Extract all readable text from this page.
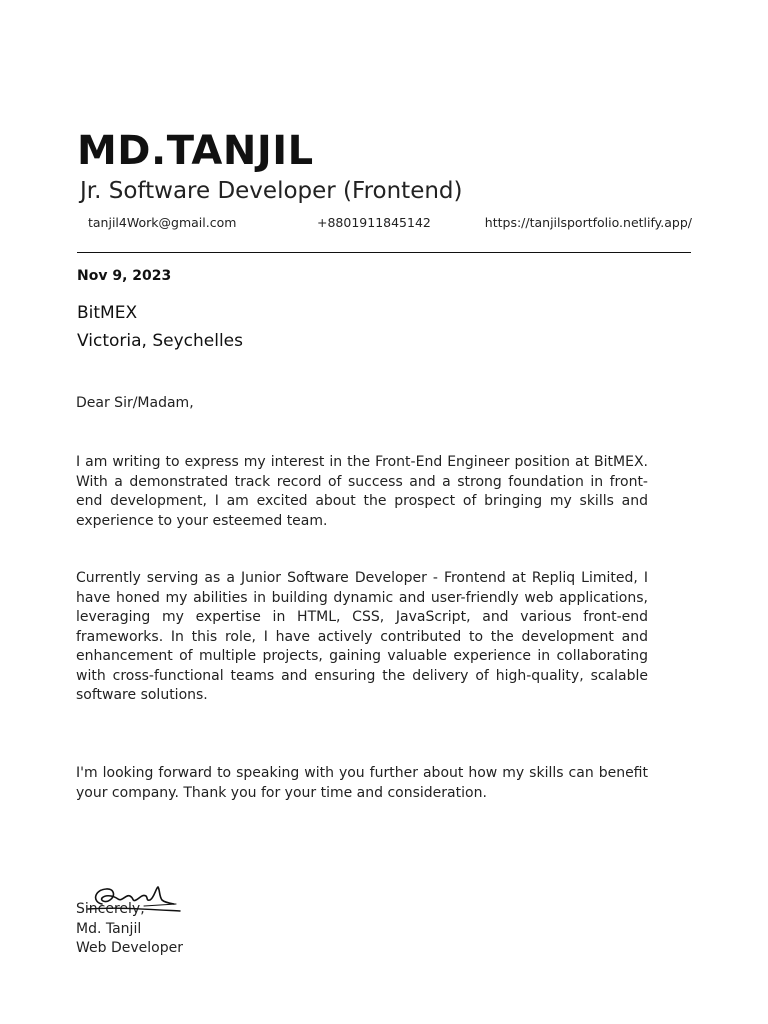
MD.TANJIL
Jr. Software Developer (Frontend)
tanjil4Work@gmail.com	+8801911845142	https://tanjilsportfolio.netlify.app/
Nov 9, 2023
BitMEX
Victoria, Seychelles
Dear Sir/Madam,
I am writing to express my interest in the Front-End Engineer position at BitMEX. With a demonstrated track record of success and a strong foundation in front-end development, I am excited about the prospect of bringing my skills and experience to your esteemed team.
Currently serving as a Junior Software Developer - Frontend at Repliq Limited, I have honed my abilities in building dynamic and user-friendly web applications, leveraging my expertise in HTML, CSS, JavaScript, and various front-end frameworks. In this role, I have actively contributed to the development and enhancement of multiple projects, gaining valuable experience in collaborating with cross-functional teams and ensuring the delivery of high-quality, scalable software solutions.
I'm looking forward to speaking with you further about how my skills can benefit your company. Thank you for your time and consideration.
Sincerely,
Md. Tanjil
Web Developer
